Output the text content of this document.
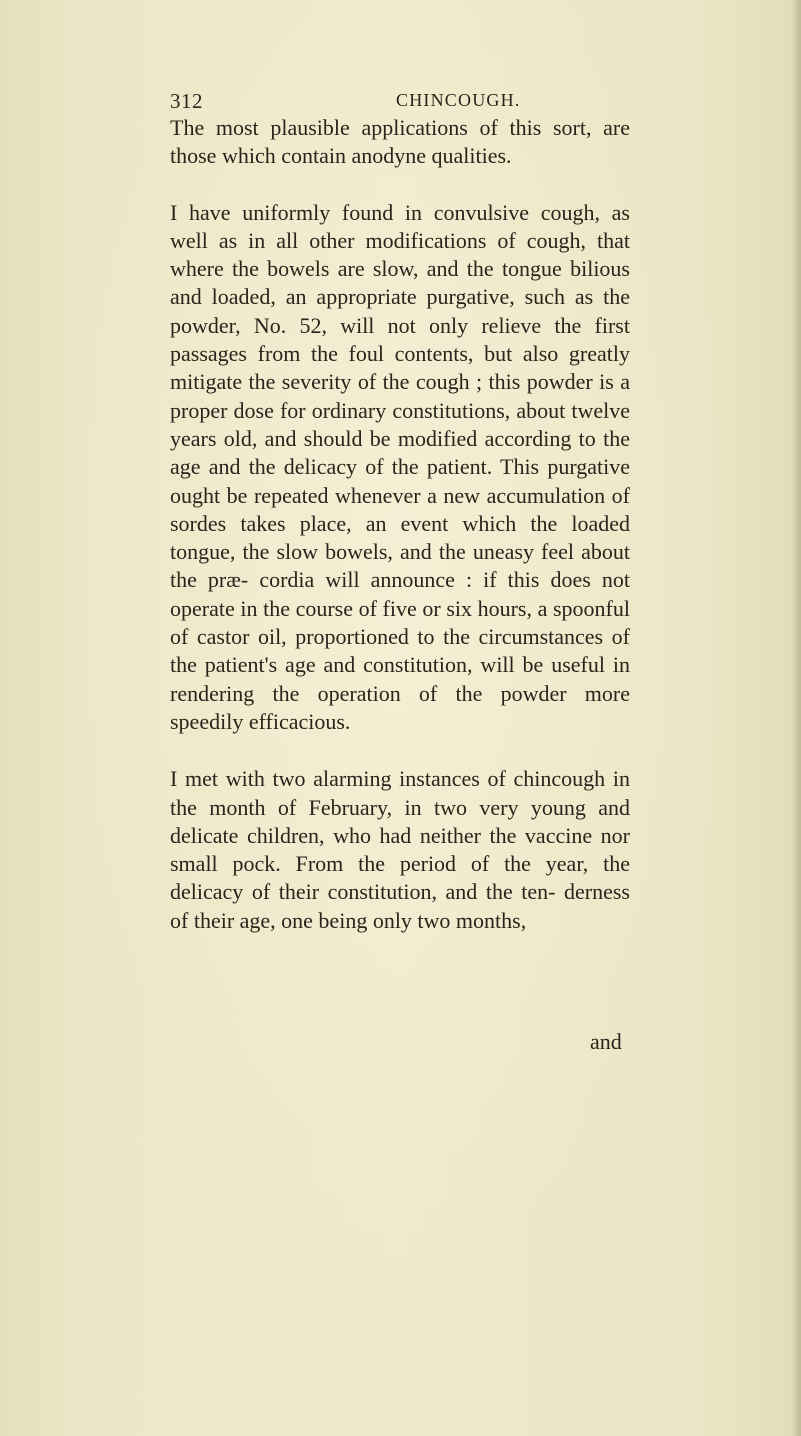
312	CHINCOUGH.

The most plausible applications of this sort, are those which contain anodyne qualities.

I have uniformly found in convulsive cough, as well as in all other modifications of cough, that where the bowels are slow, and the tongue bilious and loaded, an appropriate purgative, such as the powder, No. 52, will not only relieve the first passages from the foul contents, but also greatly mitigate the severity of the cough ; this powder is a proper dose for ordinary constitutions, about twelve years old, and should be modified according to the age and the delicacy of the patient. This purgative ought be repeated whenever a new accumulation of sordes takes place, an event which the loaded tongue, the slow bowels, and the uneasy feel about the præ- cordia will announce : if this does not operate in the course of five or six hours, a spoonful of castor oil, proportioned to the circumstances of the patient's age and constitution, will be useful in rendering the operation of the powder more speedily efficacious.

I met with two alarming instances of chincough in the month of February, in two very young and delicate children, who had neither the vaccine nor small pock. From the period of the year, the delicacy of their constitution, and the ten- derness of their age, one being only two months,

and
